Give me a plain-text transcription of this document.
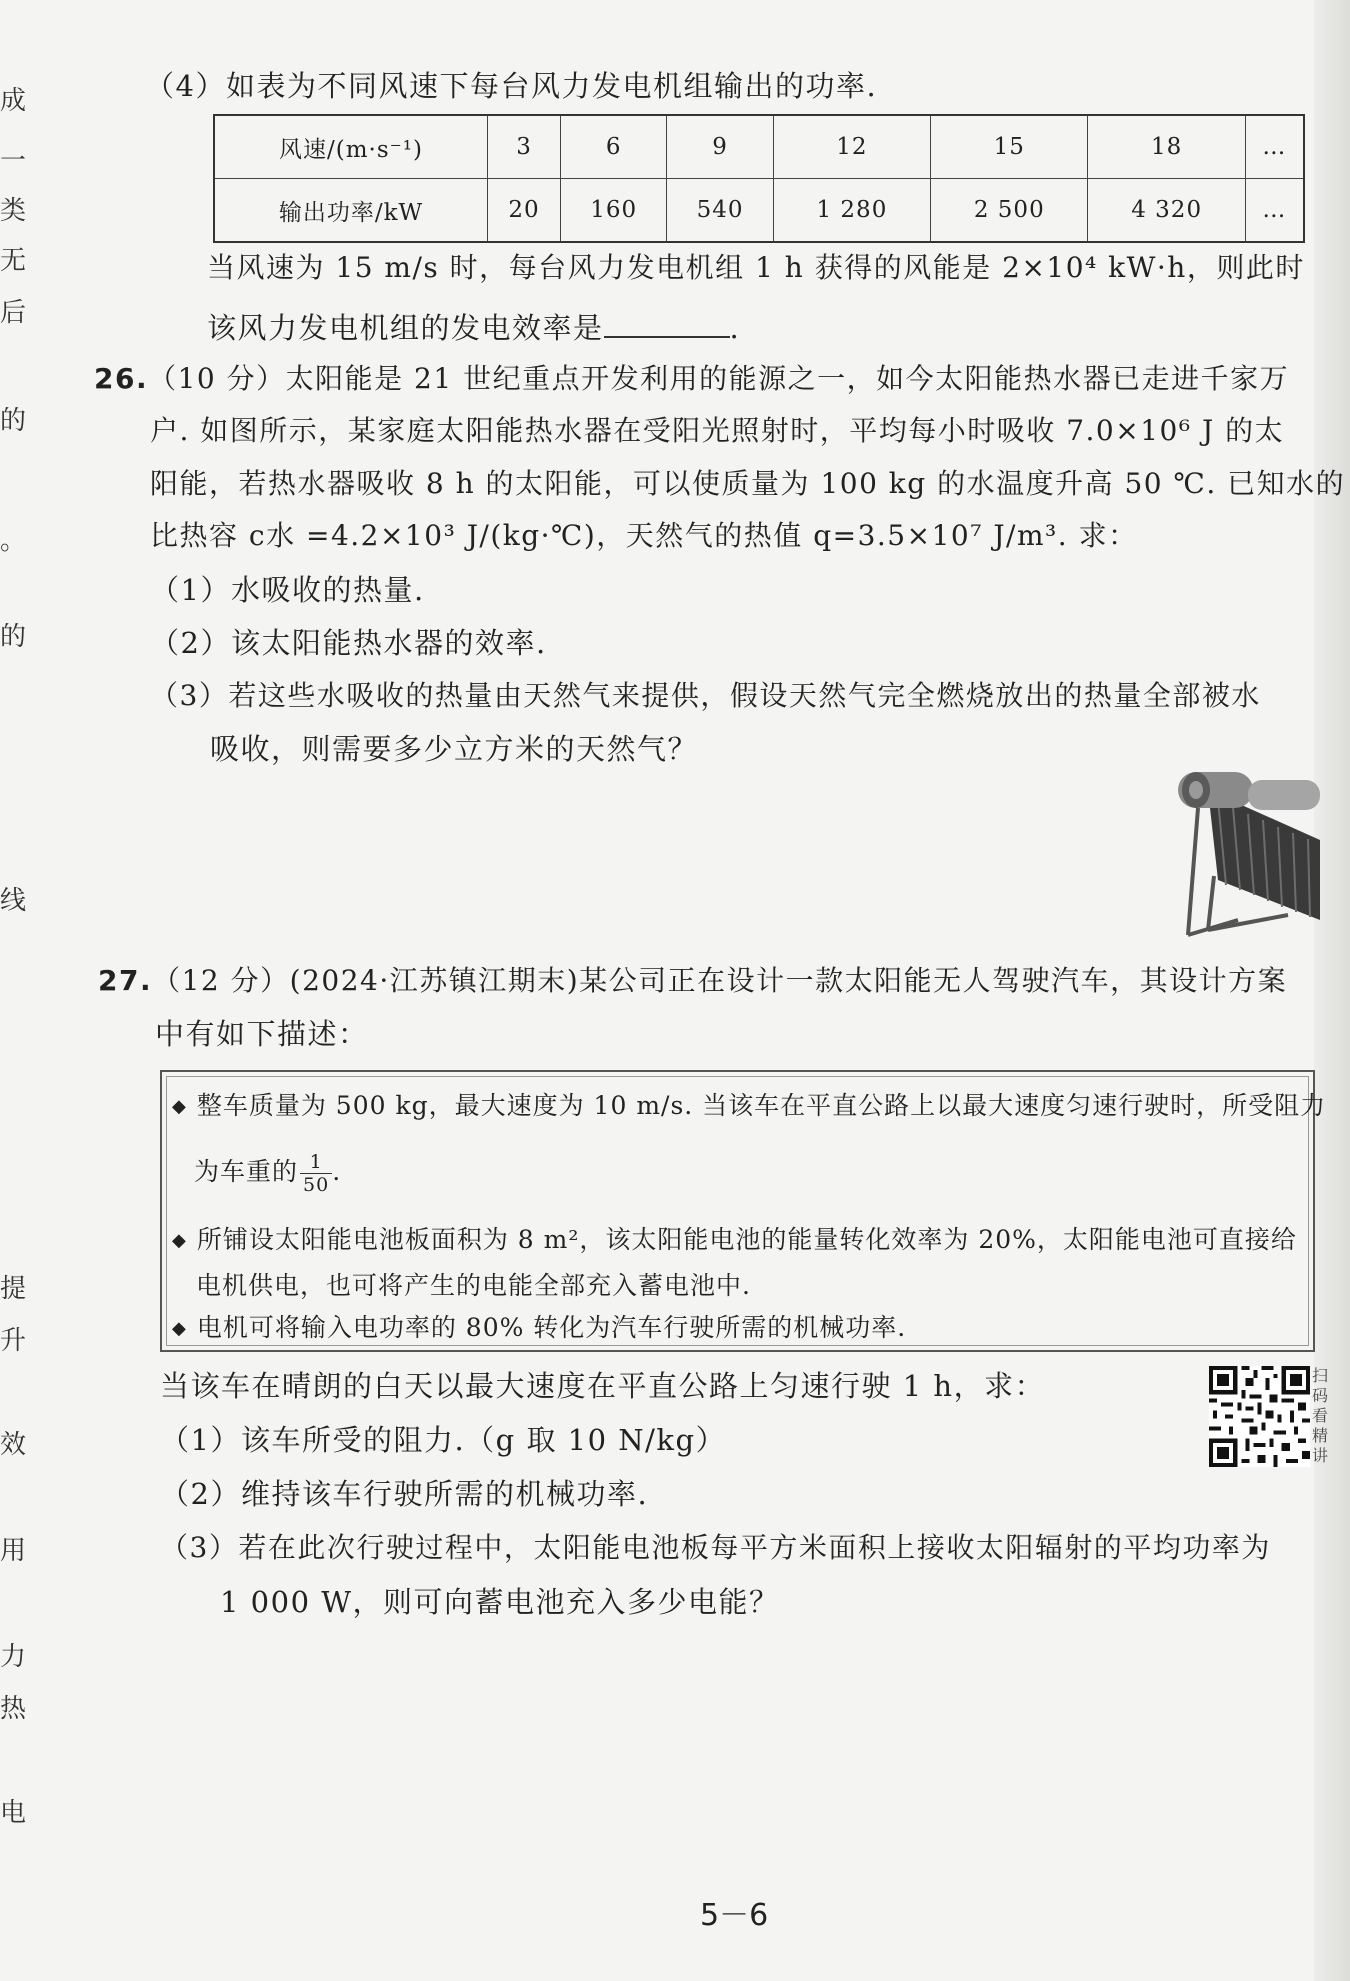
成
一
类
无
后
的
。
的
线
提
升
效
用
力
热
电
（4）如表为不同风速下每台风力发电机组输出的功率.
风速/(m·s⁻¹)	3	6	9	12	15	18	…
输出功率/kW	20	160	540	1 280	2 500	4 320	…
当风速为 15 m/s 时，每台风力发电机组 1 h 获得的风能是 2×10⁴ kW·h，则此时
该风力发电机组的发电效率是	.
26.（10 分）太阳能是 21 世纪重点开发利用的能源之一，如今太阳能热水器已走进千家万
户. 如图所示，某家庭太阳能热水器在受阳光照射时，平均每小时吸收 7.0×10⁶ J 的太
阳能，若热水器吸收 8 h 的太阳能，可以使质量为 100 kg 的水温度升高 50 ℃. 已知水的
比热容 c水 =4.2×10³ J/(kg·℃)，天然气的热值 q=3.5×10⁷ J/m³. 求：
（1）水吸收的热量.
（2）该太阳能热水器的效率.
（3）若这些水吸收的热量由天然气来提供，假设天然气完全燃烧放出的热量全部被水
吸收，则需要多少立方米的天然气？
27.（12 分）(2024·江苏镇江期末)某公司正在设计一款太阳能无人驾驶汽车，其设计方案
中有如下描述：
◆ 整车质量为 500 kg，最大速度为 10 m/s. 当该车在平直公路上以最大速度匀速行驶时，所受阻力
为车重的 $\frac{1}{50}$ .
◆ 所铺设太阳能电池板面积为 8 m²，该太阳能电池的能量转化效率为 20%，太阳能电池可直接给
电机供电，也可将产生的电能全部充入蓄电池中.
◆ 电机可将输入电功率的 80% 转化为汽车行驶所需的机械功率.
当该车在晴朗的白天以最大速度在平直公路上匀速行驶 1 h，求：
（1）该车所受的阻力.（g 取 10 N/kg）
（2）维持该车行驶所需的机械功率.
（3）若在此次行驶过程中，太阳能电池板每平方米面积上接收太阳辐射的平均功率为
1 000 W，则可向蓄电池充入多少电能？
扫码看精讲
5－6
